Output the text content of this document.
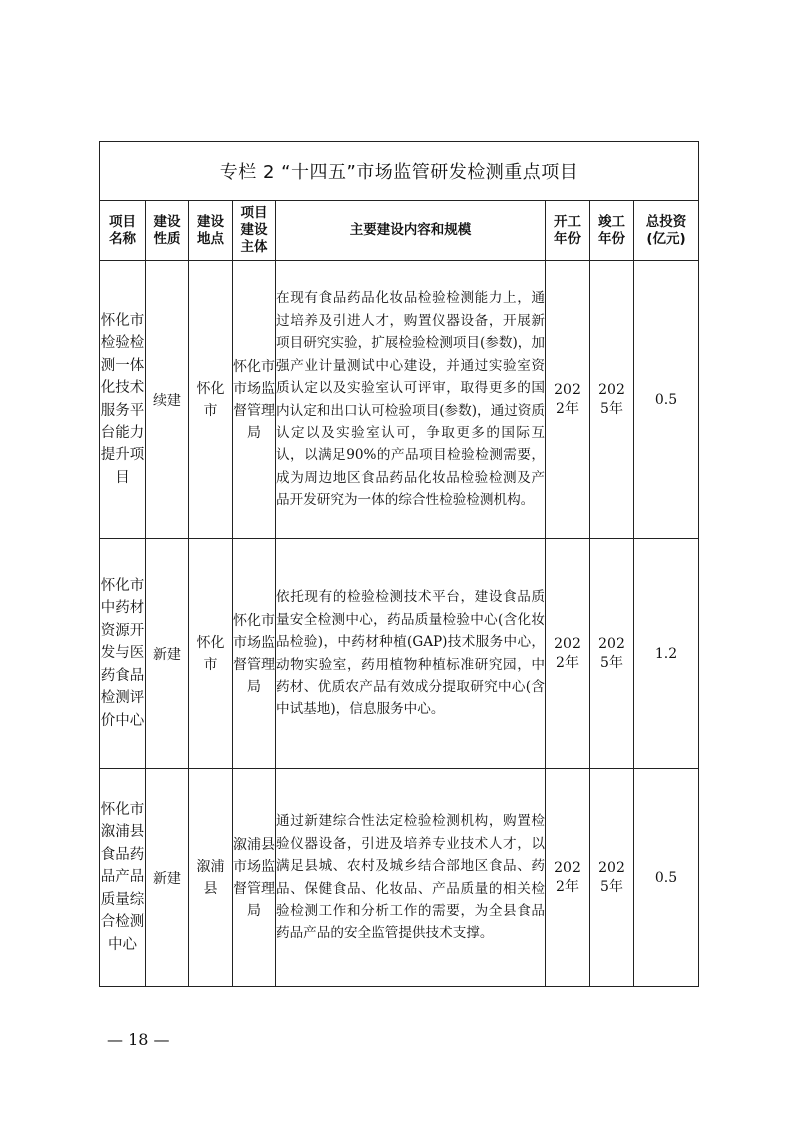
专栏 2 “十四五”市场监管研发检测重点项目							
项目名称	建设性质	建设地点	项目建设主体	主要建设内容和规模	开工年份	竣工年份	总投资(亿元)

怀化市检验检测一体化技术服务平台能力提升项目	续建	怀化市	怀化市市场监督管理局	在现有食品药品化妆品检验检测能力上，通过培养及引进人才，购置仪器设备，开展新项目研究实验，扩展检验检测项目(参数)，加强产业计量测试中心建设，并通过实验室资质认定以及实验室认可评审，取得更多的国内认定和出口认可检验项目(参数)，通过资质认定以及实验室认可，争取更多的国际互认，以满足90%的产品项目检验检测需要，成为周边地区食品药品化妆品检验检测及产品开发研究为一体的综合性检验检测机构。	2022年	2025年	0.5

怀化市中药材资源开发与医药食品检测评价中心	新建	怀化市	怀化市市场监督管理局	依托现有的检验检测技术平台，建设食品质量安全检测中心，药品质量检验中心(含化妆品检验)，中药材种植(GAP)技术服务中心，动物实验室，药用植物种植标准研究园，中药材、优质农产品有效成分提取研究中心(含中试基地)，信息服务中心。	2022年	2025年	1.2

怀化市溆浦县食品药品产品质量综合检测中心	新建	溆浦县	溆浦县市场监督管理局	通过新建综合性法定检验检测机构，购置检验仪器设备，引进及培养专业技术人才，以满足县城、农村及城乡结合部地区食品、药品、保健食品、化妆品、产品质量的相关检验检测工作和分析工作的需要，为全县食品药品产品的安全监管提供技术支撑。	2022年	2025年	0.5
— 18 —
